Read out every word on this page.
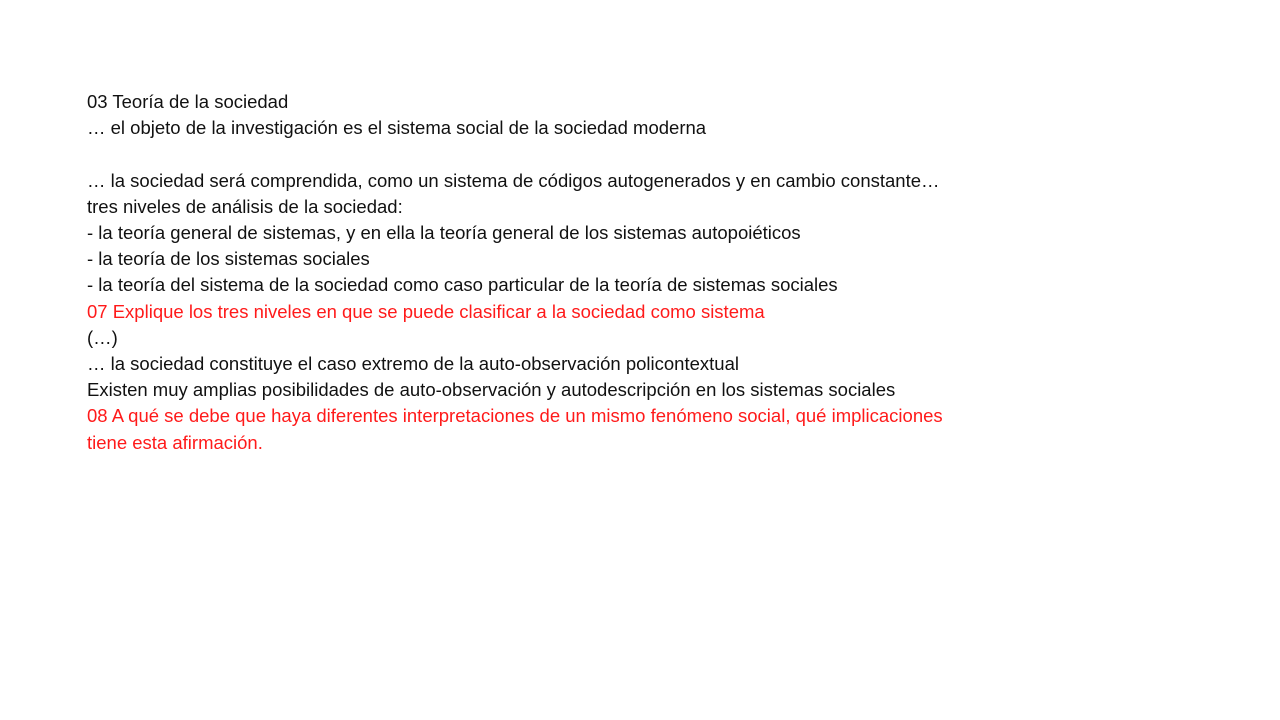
03 Teoría de la sociedad
… el objeto de la investigación es el sistema social de la sociedad moderna
… la sociedad será comprendida, como un sistema de códigos autogenerados y en cambio constante…
tres niveles de análisis de la sociedad:
- la teoría general de sistemas, y en ella la teoría general de los sistemas autopoiéticos
- la teoría de los sistemas sociales
- la teoría del sistema de la sociedad como caso particular de la teoría de sistemas sociales
07 Explique los tres niveles en que se puede clasificar a la sociedad como sistema
(…)
… la sociedad constituye el caso extremo de la auto-observación policontextual
Existen muy amplias posibilidades de auto-observación y autodescripción en los sistemas sociales
08 A qué se debe que haya diferentes interpretaciones de un mismo fenómeno social, qué implicaciones
tiene esta afirmación.
